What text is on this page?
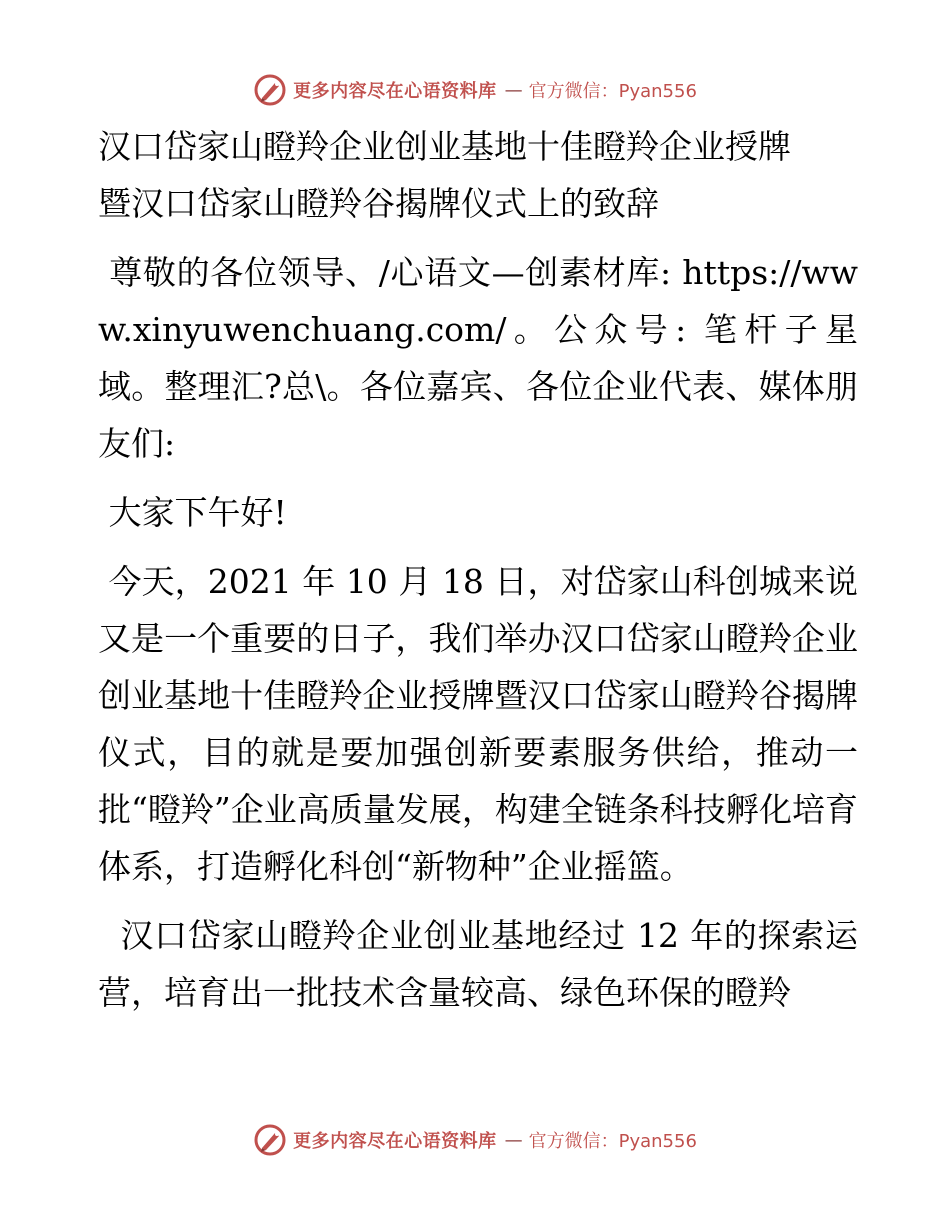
更多内容尽在心语资料库 — 官方微信：Pyan556
汉口岱家山瞪羚企业创业基地十佳瞪羚企业授牌
暨汉口岱家山瞪羚谷揭牌仪式上的致辞

尊敬的各位领导、/心语文—创素材库: https://www.xinyuwenchuang.com/。公众号: 笔杆子星域。整理汇?总\。各位嘉宾、各位企业代表、媒体朋友们:

大家下午好!

今天，2021 年 10 月 18 日，对岱家山科创城来说又是一个重要的日子，我们举办汉口岱家山瞪羚企业创业基地十佳瞪羚企业授牌暨汉口岱家山瞪羚谷揭牌仪式，目的就是要加强创新要素服务供给，推动一批“瞪羚”企业高质量发展，构建全链条科技孵化培育体系，打造孵化科创“新物种”企业摇篮。

汉口岱家山瞪羚企业创业基地经过 12 年的探索运营，培育出一批技术含量较高、绿色环保的瞪羚

更多内容尽在心语资料库 — 官方微信：Pyan556
